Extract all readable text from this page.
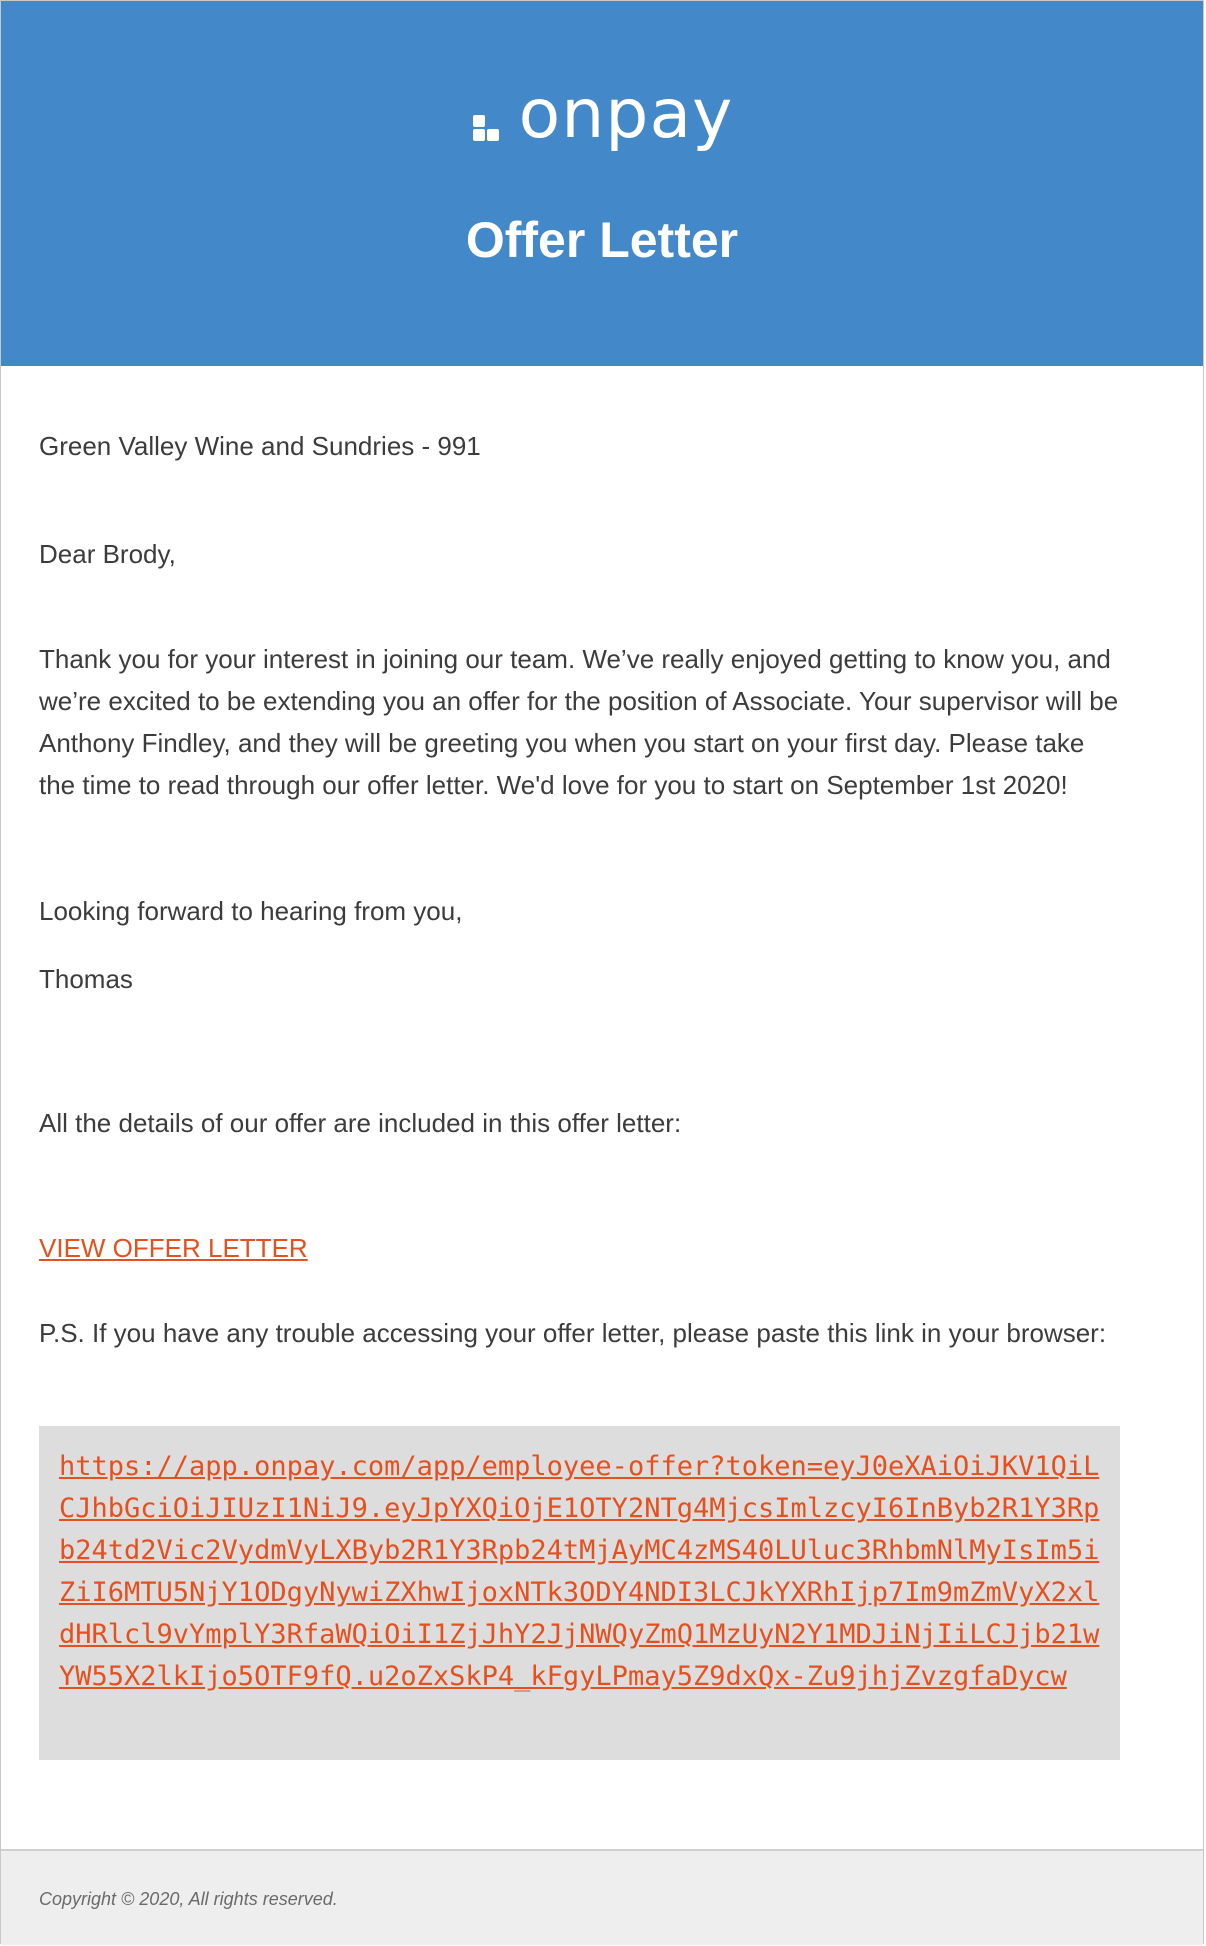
onpay
Offer Letter

Green Valley Wine and Sundries - 991

Dear Brody,

Thank you for your interest in joining our team. We’ve really enjoyed getting to know you, and we’re excited to be extending you an offer for the position of Associate. Your supervisor will be Anthony Findley, and they will be greeting you when you start on your first day. Please take the time to read through our offer letter. We'd love for you to start on September 1st 2020!

Looking forward to hearing from you,

Thomas

All the details of our offer are included in this offer letter:

VIEW OFFER LETTER

P.S. If you have any trouble accessing your offer letter, please paste this link in your browser:

https://app.onpay.com/app/employee-offer?token=eyJ0eXAiOiJKV1QiLCJhbGciOiJIUzI1NiJ9.eyJpYXQiOjE1OTY2NTg4MjcsImlzcyI6InByb2R1Y3Rpb24td2Vic2VydmVyLXByb2R1Y3Rpb24tMjAyMC4zMS40LUluc3RhbmNlMyIsIm5iZiI6MTU5NjY1ODgyNywiZXhwIjoxNTk3ODY4NDI3LCJkYXRhIjp7Im9mZmVyX2xldHRlcl9vYmplY3RfaWQiOiI1ZjJhY2JjNWQyZmQ1MzUyN2Y1MDJiNjIiLCJjb21wYW55X2lkIjo5OTF9fQ.u2oZxSkP4_kFgyLPmay5Z9dxQx-Zu9jhjZvzgfaDycw
Copyright © 2020, All rights reserved.
